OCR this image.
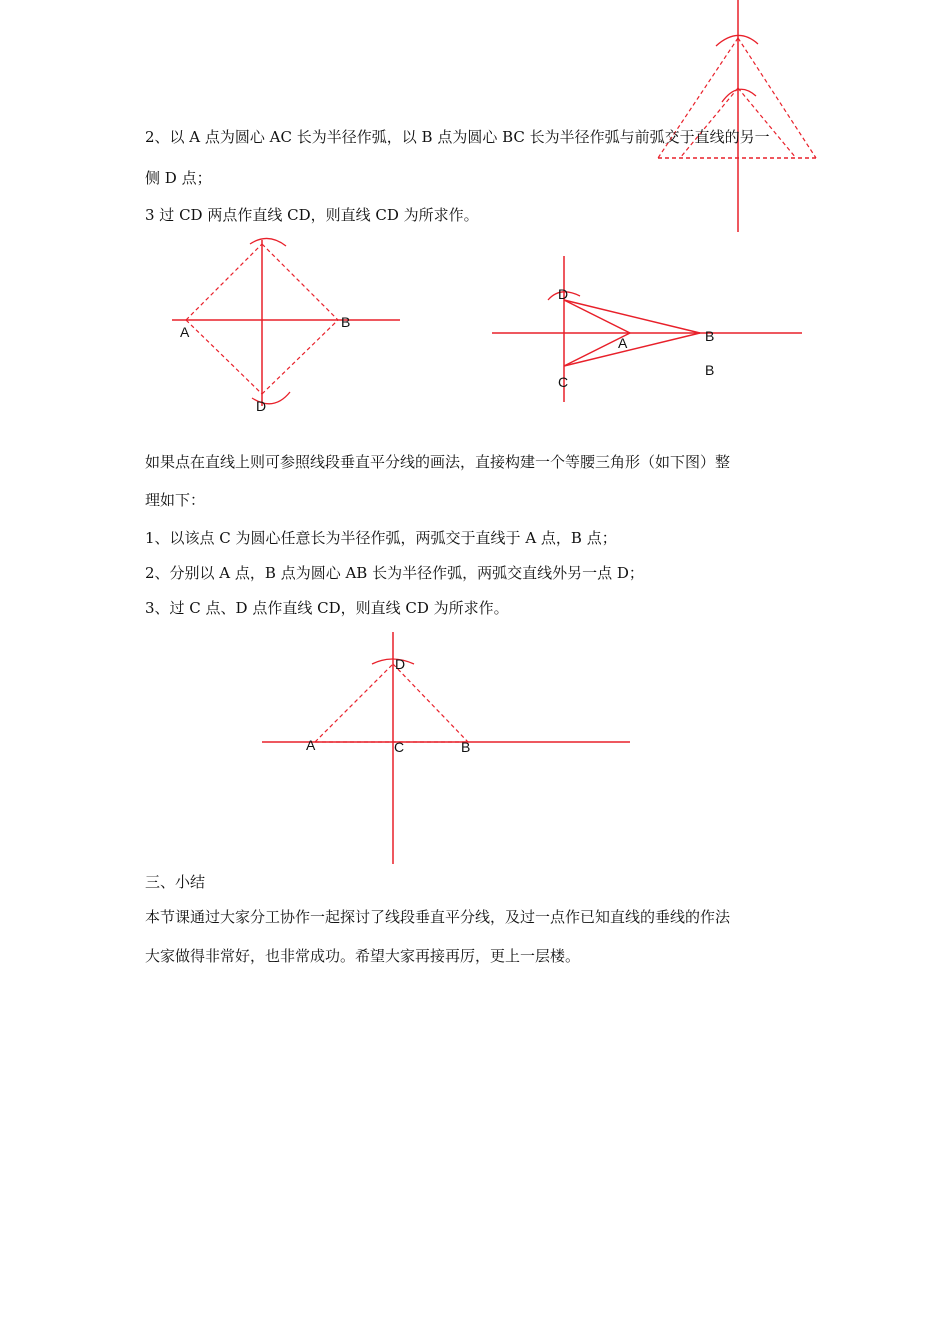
2、以 A 点为圆心 AC 长为半径作弧，以 B 点为圆心 BC 长为半径作弧与前弧交于直线的另一
侧 D 点；
3 过 CD 两点作直线 CD，则直线 CD 为所求作。
A
B
D
D
A	B
C
B
如果点在直线上则可参照线段垂直平分线的画法，直接构建一个等腰三角形（如下图）整
理如下：
1、以该点 C 为圆心任意长为半径作弧，两弧交于直线于 A 点，B 点；
2、分别以 A 点，B 点为圆心 AB 长为半径作弧，两弧交直线外另一点 D；
3、过 C 点、D 点作直线 CD，则直线 CD 为所求作。
D
A	C	B
三、小结
本节课通过大家分工协作一起探讨了线段垂直平分线，及过一点作已知直线的垂线的作法
大家做得非常好，也非常成功。希望大家再接再厉，更上一层楼。
